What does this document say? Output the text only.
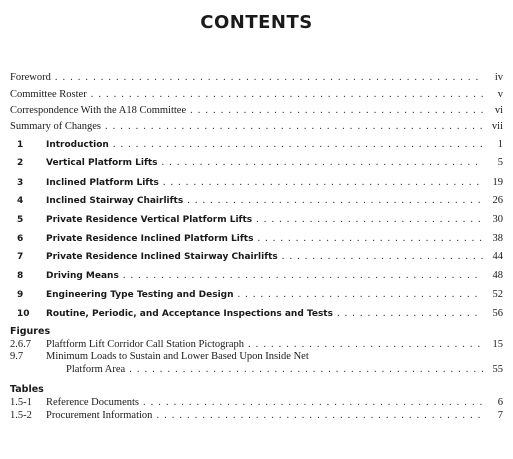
CONTENTS
Foreword . . .	iv
Committee Roster . . .	v
Correspondence With the A18 Committee . . .	vi
Summary of Changes . . .	vii
1	Introduction . . .	1
2	Vertical Platform Lifts . . .	5
3	Inclined Platform Lifts . . .	19
4	Inclined Stairway Chairlifts . . .	26
5	Private Residence Vertical Platform Lifts . . .	30
6	Private Residence Inclined Platform Lifts . . .	38
7	Private Residence Inclined Stairway Chairlifts . . .	44
8	Driving Means . . .	48
9	Engineering Type Testing and Design . . .	52
10	Routine, Periodic, and Acceptance Inspections and Tests . . .	56
Figures
2.6.7	Plaftform Lift Corridor Call Station Pictograph . . .	15
9.7	Minimum Loads to Sustain and Lower Based Upon Inside Net
Platform Area . . .	55
Tables
1.5-1	Reference Documents . . .	6
1.5-2	Procurement Information . . .	7
